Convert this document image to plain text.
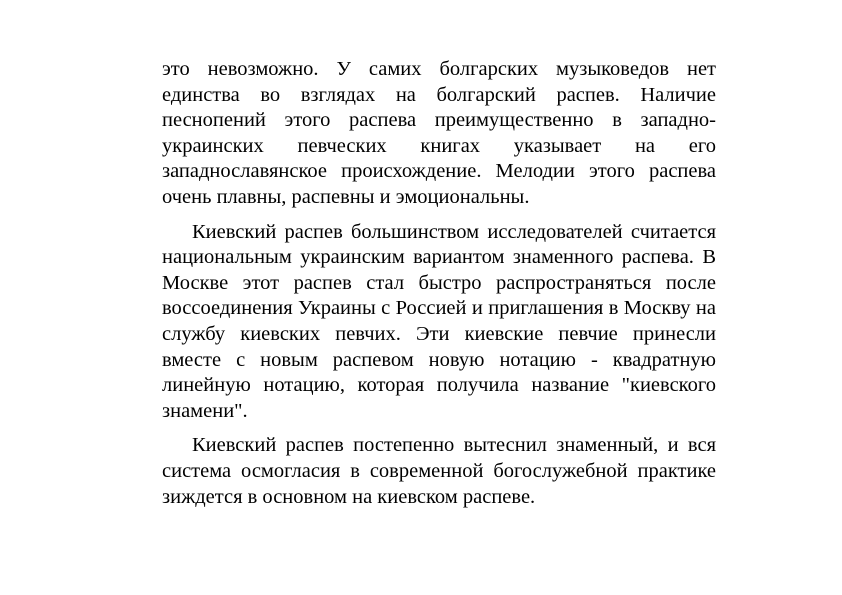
это невозможно. У самих болгарских музыковедов нет единства во взглядах на болгарский распев. Наличие песнопений этого распева преимущественно в западно-украинских певческих книгах указывает на его западнославянское происхождение. Мелодии этого распева очень плавны, распевны и эмоциональны.

Киевский распев большинством исследователей считается национальным украинским вариантом знаменного распева. В Москве этот распев стал быстро распространяться после воссоединения Украины с Россией и приглашения в Москву на службу киевских певчих. Эти киевские певчие принесли вместе с новым распевом новую нотацию - квадратную линейную нотацию, которая получила название "киевского знамени".

Киевский распев постепенно вытеснил знаменный, и вся система осмогласия в современной богослужебной практике зиждется в основном на киевском распеве.
